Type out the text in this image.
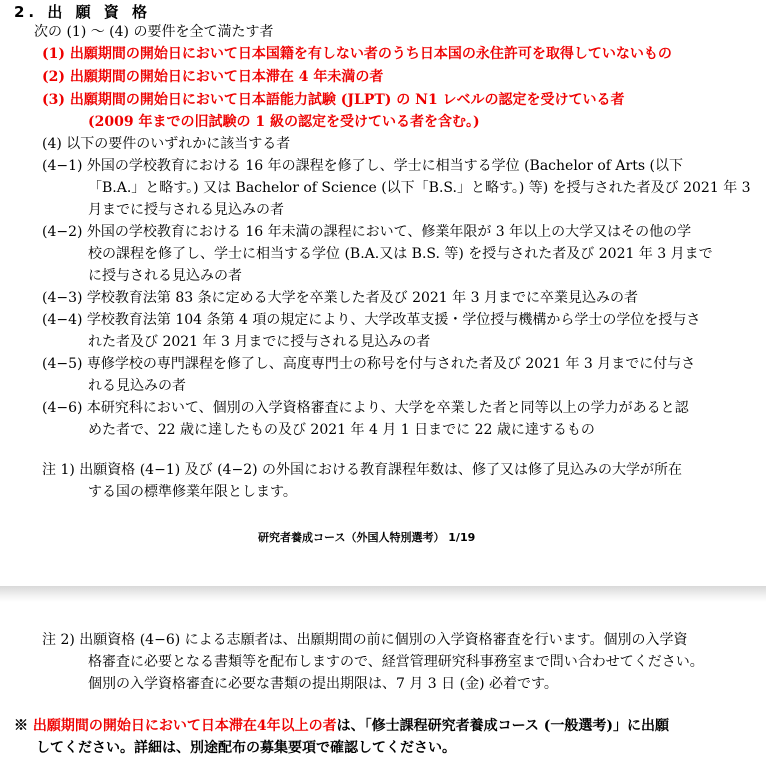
2. 出 願 資 格
次の (1) 〜 (4) の要件を全て満たす者
(1) 出願期間の開始日において日本国籍を有しない者のうち日本国の永住許可を取得していないもの
(2) 出願期間の開始日において日本滞在 4 年未満の者
(3) 出願期間の開始日において日本語能力試験 (JLPT) の N1 レベルの認定を受けている者
(2009 年までの旧試験の 1 級の認定を受けている者を含む。)
(4) 以下の要件のいずれかに該当する者
(4−1) 外国の学校教育における 16 年の課程を修了し、学士に相当する学位 (Bachelor of Arts (以下
「B.A.」と略す。) 又は Bachelor of Science (以下「B.S.」と略す。) 等) を授与された者及び 2021 年 3
月までに授与される見込みの者
(4−2) 外国の学校教育における 16 年未満の課程において、修業年限が 3 年以上の大学又はその他の学
校の課程を修了し、学士に相当する学位 (B.A.又は B.S. 等) を授与された者及び 2021 年 3 月まで
に授与される見込みの者
(4−3) 学校教育法第 83 条に定める大学を卒業した者及び 2021 年 3 月までに卒業見込みの者
(4−4) 学校教育法第 104 条第 4 項の規定により、大学改革支援・学位授与機構から学士の学位を授与さ
れた者及び 2021 年 3 月までに授与される見込みの者
(4−5) 専修学校の専門課程を修了し、高度専門士の称号を付与された者及び 2021 年 3 月までに付与さ
れる見込みの者
(4−6) 本研究科において、個別の入学資格審査により、大学を卒業した者と同等以上の学力があると認
めた者で、22 歳に達したもの及び 2021 年 4 月 1 日までに 22 歳に達するもの
注 1) 出願資格 (4−1) 及び (4−2) の外国における教育課程年数は、修了又は修了見込みの大学が所在
する国の標準修業年限とします。
研究者養成コース（外国人特別選考） 1/19
注 2) 出願資格 (4−6) による志願者は、出願期間の前に個別の入学資格審査を行います。個別の入学資
格審査に必要となる書類等を配布しますので、経営管理研究科事務室まで問い合わせてください。
個別の入学資格審査に必要な書類の提出期限は、7 月 3 日 (金) 必着です。
※ 出願期間の開始日において日本滞在4年以上の者は、「修士課程研究者養成コース (一般選考)」に出願
してください。詳細は、別途配布の募集要項で確認してください。
